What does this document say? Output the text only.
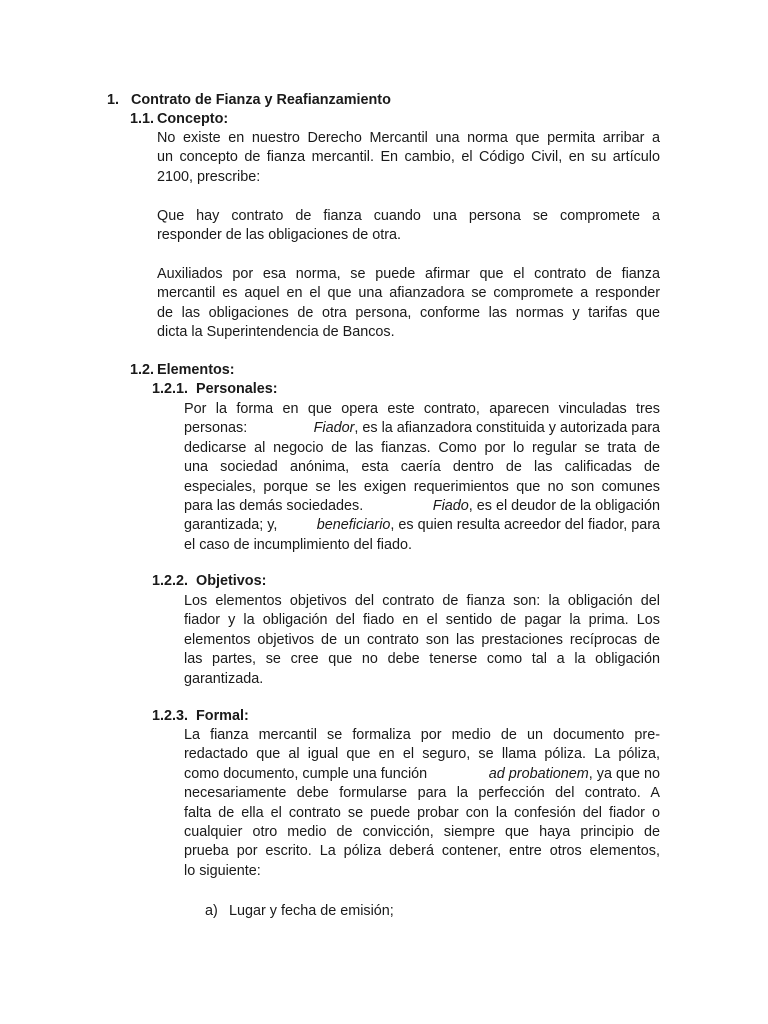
1. Contrato de Fianza y Reafianzamiento
1.1. Concepto:
No existe en nuestro Derecho Mercantil una norma que permita arribar a
un concepto de fianza mercantil. En cambio, el Código Civil, en su artículo
2100, prescribe:
Que hay contrato de fianza cuando una persona se compromete a
responder de las obligaciones de otra.
Auxiliados por esa norma, se puede afirmar que el contrato de fianza
mercantil es aquel en el que una afianzadora se compromete a responder
de las obligaciones de otra persona, conforme las normas y tarifas que
dicta la Superintendencia de Bancos.
1.2. Elementos:
1.2.1. Personales:
Por la forma en que opera este contrato, aparecen vinculadas tres
personas:	Fiador, es la afianzadora constituida y autorizada para
dedicarse al negocio de las fianzas. Como por lo regular se trata de
una sociedad anónima, esta caería dentro de las calificadas de
especiales, porque se les exigen requerimientos que no son comunes
para las demás sociedades.	Fiado, es el deudor de la obligación
garantizada; y,	beneficiario, es quien resulta acreedor del fiador, para
el caso de incumplimiento del fiado.
1.2.2. Objetivos:
Los elementos objetivos del contrato de fianza son: la obligación del
fiador y la obligación del fiado en el sentido de pagar la prima. Los
elementos objetivos de un contrato son las prestaciones recíprocas de
las partes, se cree que no debe tenerse como tal a la obligación
garantizada.
1.2.3. Formal:
La fianza mercantil se formaliza por medio de un documento pre-
redactado que al igual que en el seguro, se llama póliza. La póliza,
como documento, cumple una función	ad probationem, ya que no
necesariamente debe formularse para la perfección del contrato. A
falta de ella el contrato se puede probar con la confesión del fiador o
cualquier otro medio de convicción, siempre que haya principio de
prueba por escrito. La póliza deberá contener, entre otros elementos,
lo siguiente:
a) Lugar y fecha de emisión;
